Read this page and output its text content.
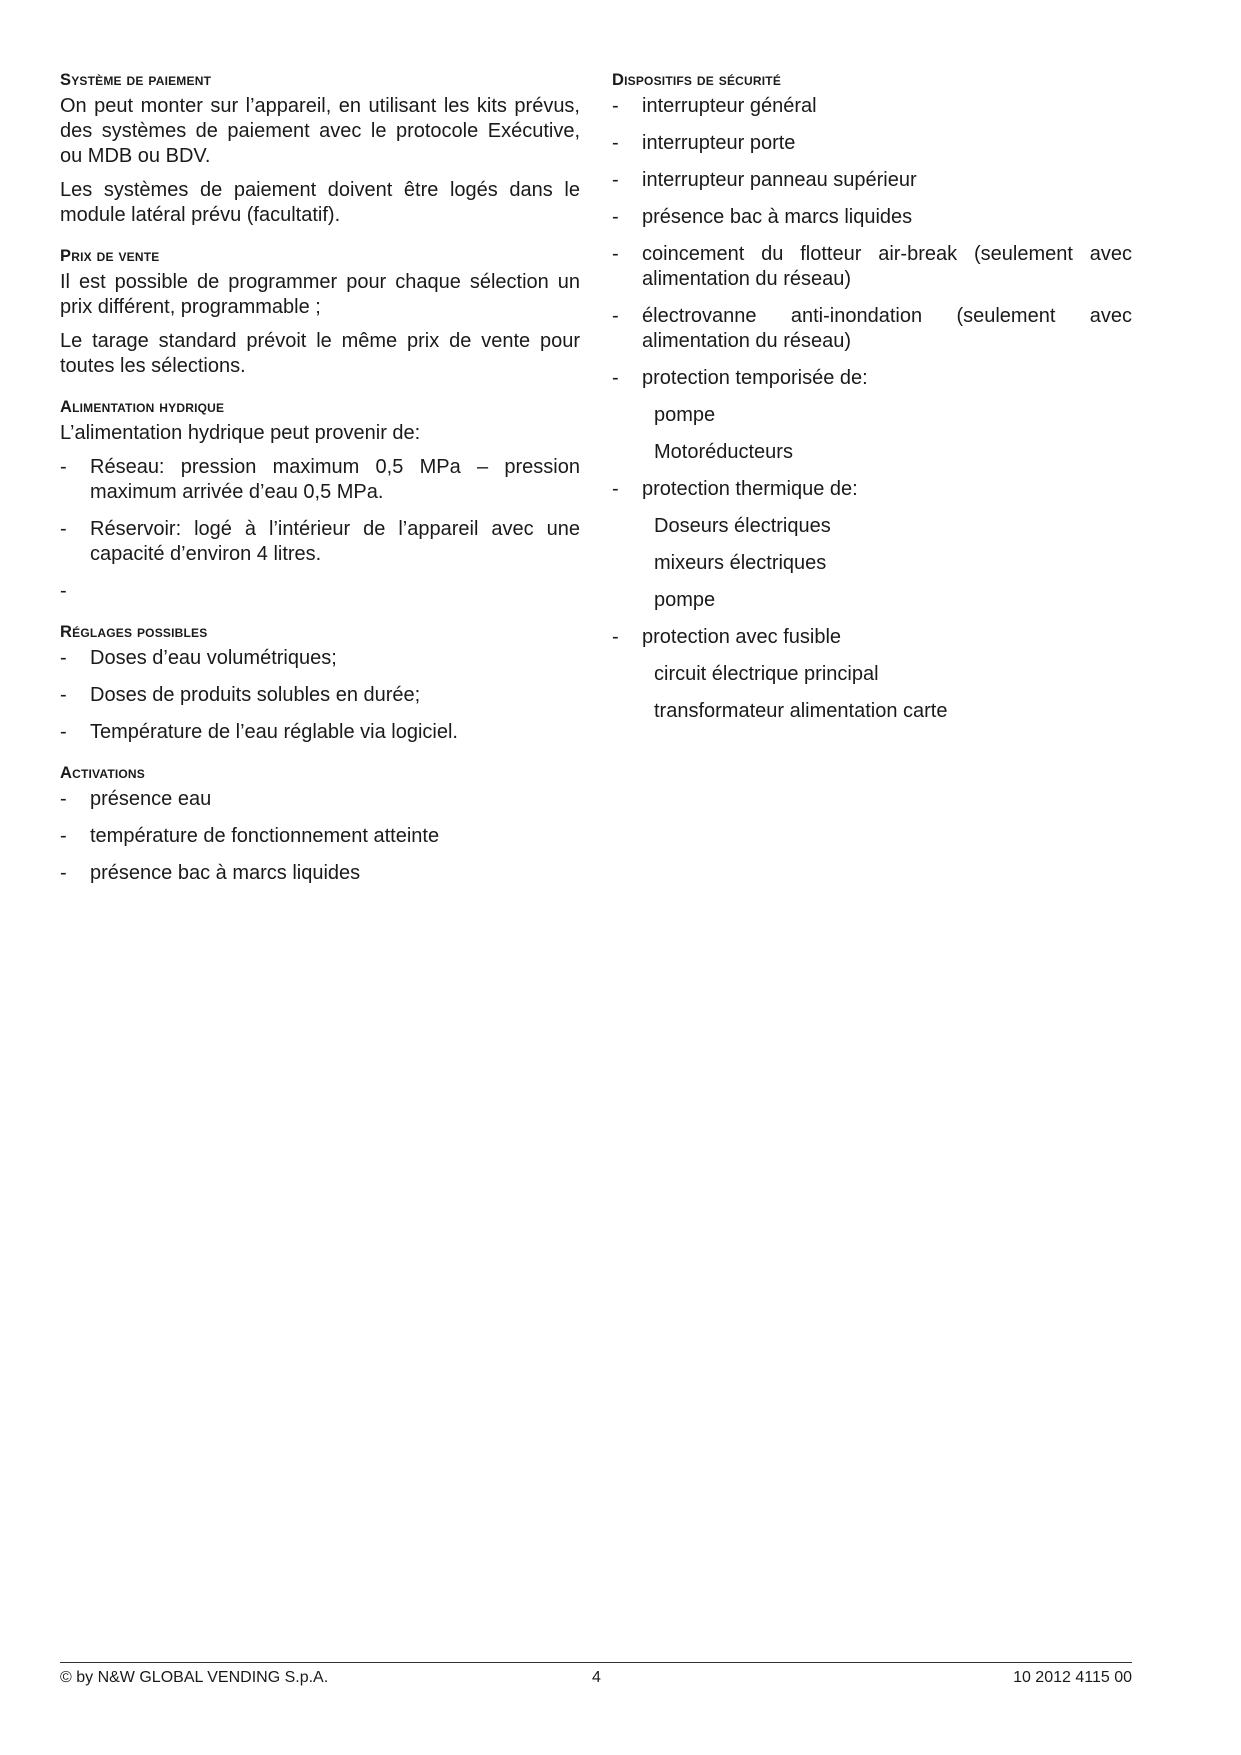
Système de paiement

On peut monter sur l’appareil, en utilisant les kits prévus, des systèmes de paiement avec le protocole Exécutive, ou MDB ou BDV.

Les systèmes de paiement doivent être logés dans le module latéral prévu (facultatif).

Prix de vente

Il est possible de programmer pour chaque sélection un prix différent, programmable ;

Le tarage standard prévoit le même prix de vente pour toutes les sélections.

Alimentation hydrique

L’alimentation hydrique peut provenir de:

- Réseau: pression maximum 0,5 MPa – pression maximum arrivée d’eau 0,5 MPa.
- Réservoir: logé à l’intérieur de l’appareil avec une capacité d’environ 4 litres.
-
Réglages possibles
- Doses d’eau volumétriques;
- Doses de produits solubles en durée;
- Température de l’eau réglable via logiciel.
Activations
- présence eau
- température de fonctionnement atteinte
- présence bac à marcs liquides
Dispositifs de sécurité
- interrupteur général
- interrupteur porte
- interrupteur panneau supérieur
- présence bac à marcs liquides
- coincement du flotteur air-break (seulement avec alimentation du réseau)
- électrovanne anti-inondation (seulement avec alimentation du réseau)
- protection temporisée de:
pompe
Motoréducteurs
- protection thermique de:
Doseurs électriques
mixeurs électriques
pompe
- protection avec fusible
circuit électrique principal
transformateur alimentation carte
© by N&W GLOBAL VENDING S.p.A.	4	10 2012 4115 00
